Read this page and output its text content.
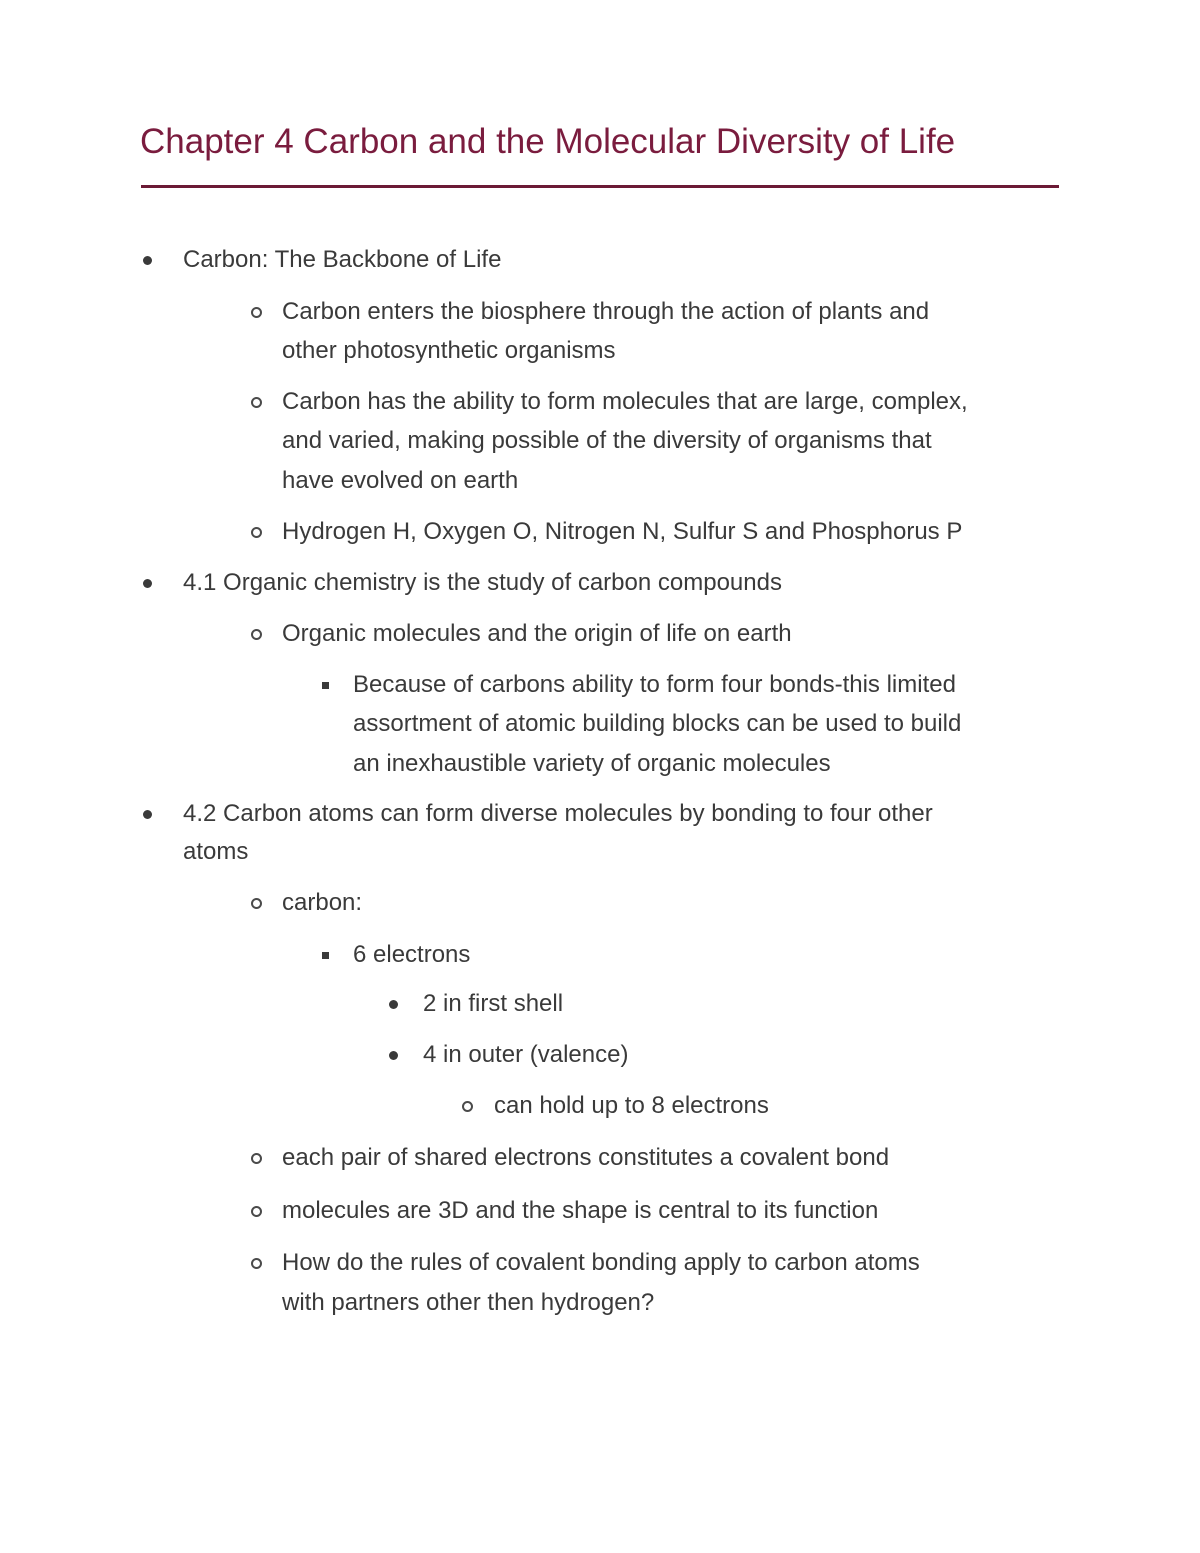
Chapter 4 Carbon and the Molecular Diversity of Life
Carbon: The Backbone of Life
Carbon enters the biosphere through the action of plants and
other photosynthetic organisms
Carbon has the ability to form molecules that are large, complex,
and varied, making possible of the diversity of organisms that
have evolved on earth
Hydrogen H, Oxygen O, Nitrogen N, Sulfur S and Phosphorus P
4.1 Organic chemistry is the study of carbon compounds
Organic molecules and the origin of life on earth
Because of carbons ability to form four bonds-this limited
assortment of atomic building blocks can be used to build
an inexhaustible variety of organic molecules
4.2 Carbon atoms can form diverse molecules by bonding to four other
atoms
carbon:
6 electrons
2 in first shell
4 in outer (valence)
can hold up to 8 electrons
each pair of shared electrons constitutes a covalent bond
molecules are 3D and the shape is central to its function
How do the rules of covalent bonding apply to carbon atoms
with partners other then hydrogen?
